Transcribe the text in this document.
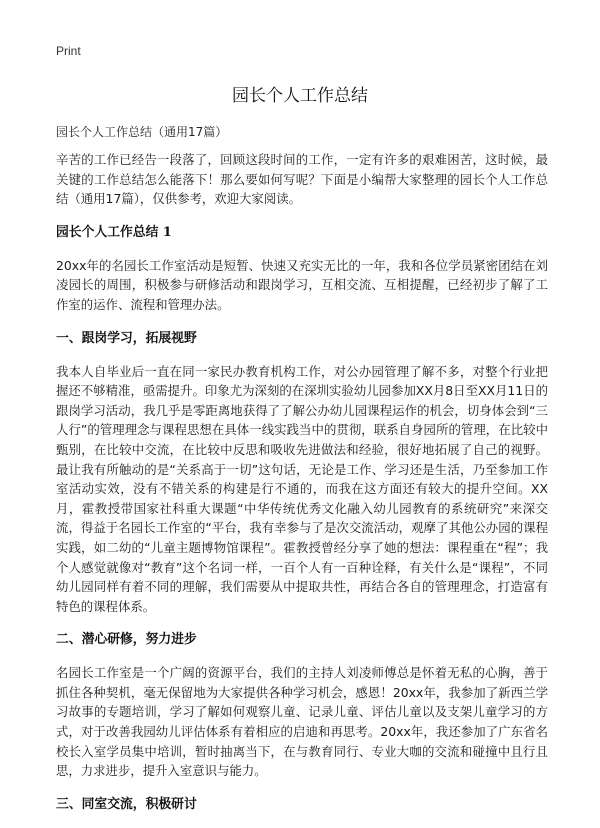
Print
园长个人工作总结
园长个人工作总结（通用17篇）

辛苦的工作已经告一段落了，回顾这段时间的工作，一定有许多的艰难困苦，这时候，最关键的工作总结怎么能落下！那么要如何写呢？下面是小编帮大家整理的园长个人工作总结（通用17篇），仅供参考，欢迎大家阅读。

园长个人工作总结 1

20xx年的名园长工作室活动是短暂、快速又充实无比的一年，我和各位学员紧密团结在刘凌园长的周围，积极参与研修活动和跟岗学习，互相交流、互相提醒，已经初步了解了工作室的运作、流程和管理办法。

一、跟岗学习，拓展视野

我本人自毕业后一直在同一家民办教育机构工作，对公办园管理了解不多，对整个行业把握还不够精准，亟需提升。印象尤为深刻的在深圳实验幼儿园参加XX月8日至XX月11日的跟岗学习活动，我几乎是零距离地获得了了解公办幼儿园课程运作的机会，切身体会到“三人行”的管理理念与课程思想在具体一线实践当中的贯彻，联系自身园所的管理，在比较中甄别，在比较中交流，在比较中反思和吸收先进做法和经验，很好地拓展了自己的视野。最让我有所触动的是“关系高于一切”这句话，无论是工作、学习还是生活，乃至参加工作室活动实效，没有不错关系的构建是行不通的，而我在这方面还有较大的提升空间。XX月，霍教授带国家社科重大课题“中华传统优秀文化融入幼儿园教育的系统研究”来深交流，得益于名园长工作室的“平台，我有幸参与了是次交流活动，观摩了其他公办园的课程实践，如二幼的“儿童主题博物馆课程”。霍教授曾经分享了她的想法：课程重在“程”；我个人感觉就像对“教育”这个名词一样，一百个人有一百种诠释，有关什么是“课程”，不同幼儿园同样有着不同的理解，我们需要从中提取共性，再结合各自的管理理念，打造富有特色的课程体系。

二、潜心研修，努力进步

名园长工作室是一个广阔的资源平台，我们的主持人刘凌师傅总是怀着无私的心胸，善于抓住各种契机，毫无保留地为大家提供各种学习机会，感恩！20xx年，我参加了新西兰学习故事的专题培训，学习了解如何观察儿童、记录儿童、评估儿童以及支架儿童学习的方式，对于改善我园幼儿评估体系有着相应的启迪和再思考。20xx年，我还参加了广东省名校长入室学员集中培训，暂时抽离当下，在与教育同行、专业大咖的交流和碰撞中且行且思，力求进步，提升入室意识与能力。

三、同室交流，积极研讨
